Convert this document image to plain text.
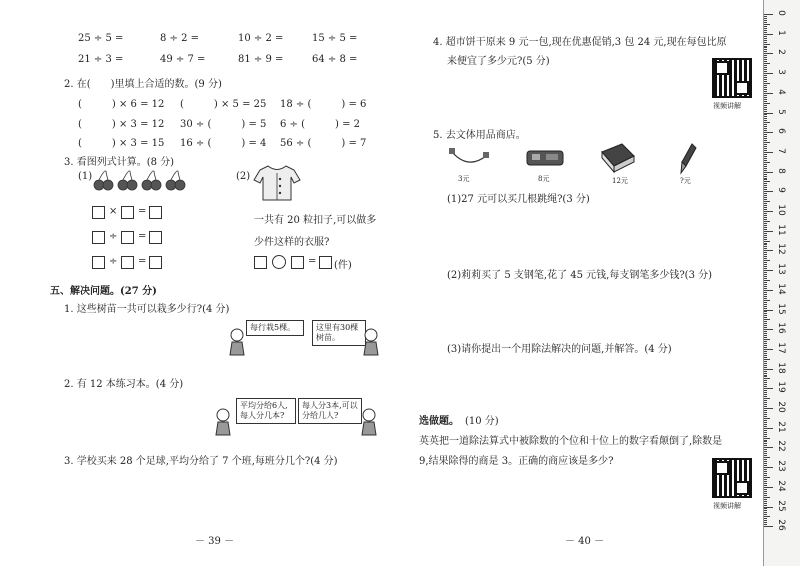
25 ÷ 5 =	8 ÷ 2 =	10 ÷ 2 =	15 ÷ 5 =
21 ÷ 3 =	49 ÷ 7 =	81 ÷ 9 =	64 ÷ 8 =
2. 在(　　)里填上合适的数。(9 分)
(　　　) × 6 = 12 (　　　) × 5 = 25 18 ÷ (　　　) = 6
(　　　) × 3 = 12 30 ÷ (　　　) = 5 6 ÷ (　　　) = 2
(　　　) × 3 = 15 16 ÷ (　　　) = 4 56 ÷ (　　　) = 7
3. 看图列式计算。(8 分)
(1)	(2)
× =
÷ =
÷ =
一共有 20 粒扣子,可以做多
少件这样的衣服?
= (件)
五、解决问题。(27 分)
1. 这些树苗一共可以栽多少行?(4 分)
每行栽5棵。	这里有30棵树苗。
2. 有 12 本练习本。(4 分)
平均分给6人,每人分几本?
每人分3本,可以分给几人?
3. 学校买来 28 个足球,平均分给了 7 个班,每班分几个?(4 分)
－ 39 －
4. 超市饼干原来 9 元一包,现在优惠促销,3 包 24 元,现在每包比原
来便宜了多少元?(5 分)
视频讲解
5. 去文体用品商店。
3元	8元	12元	?元
(1)27 元可以买几根跳绳?(3 分)
(2)莉莉买了 5 支钢笔,花了 45 元钱,每支钢笔多少钱?(3 分)
(3)请你提出一个用除法解决的问题,并解答。(4 分)
选做题。 (10 分)
英英把一道除法算式中被除数的个位和十位上的数字看颠倒了,除数是
9,结果除得的商是 3。正确的商应该是多少?
视频讲解
－ 40 －
0
1
2
3
4
5
6
7
8
9
10
11
12
13
14
15
16
17
18
19
20
21
22
23
24
25
26
